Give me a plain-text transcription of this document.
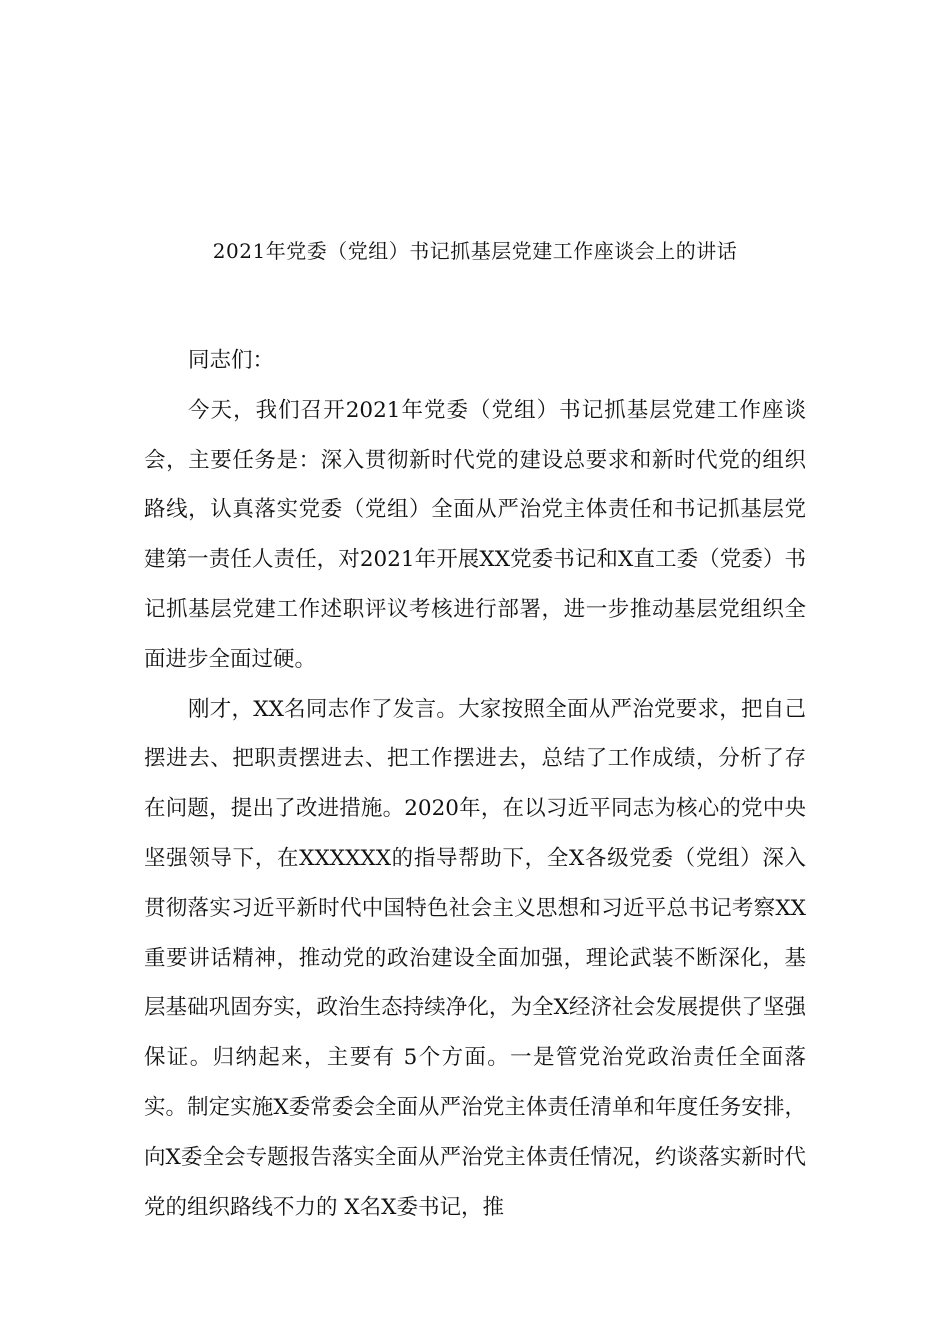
2021年党委（党组）书记抓基层党建工作座谈会上的讲话

同志们：

今天，我们召开2021年党委（党组）书记抓基层党建工作座谈会，主要任务是：深入贯彻新时代党的建设总要求和新时代党的组织路线，认真落实党委（党组）全面从严治党主体责任和书记抓基层党建第一责任人责任，对2021年开展XX党委书记和X直工委（党委）书记抓基层党建工作述职评议考核进行部署，进一步推动基层党组织全面进步全面过硬。

刚才，XX名同志作了发言。大家按照全面从严治党要求，把自己摆进去、把职责摆进去、把工作摆进去，总结了工作成绩，分析了存在问题，提出了改进措施。2020年，在以习近平同志为核心的党中央坚强领导下，在XXXXXX的指导帮助下，全X各级党委（党组）深入贯彻落实习近平新时代中国特色社会主义思想和习近平总书记考察XX重要讲话精神，推动党的政治建设全面加强，理论武装不断深化，基层基础巩固夯实，政治生态持续净化，为全X经济社会发展提供了坚强保证。归纳起来，主要有 5个方面。一是管党治党政治责任全面落实。制定实施X委常委会全面从严治党主体责任清单和年度任务安排，向X委全会专题报告落实全面从严治党主体责任情况，约谈落实新时代党的组织路线不力的 X名X委书记，推
